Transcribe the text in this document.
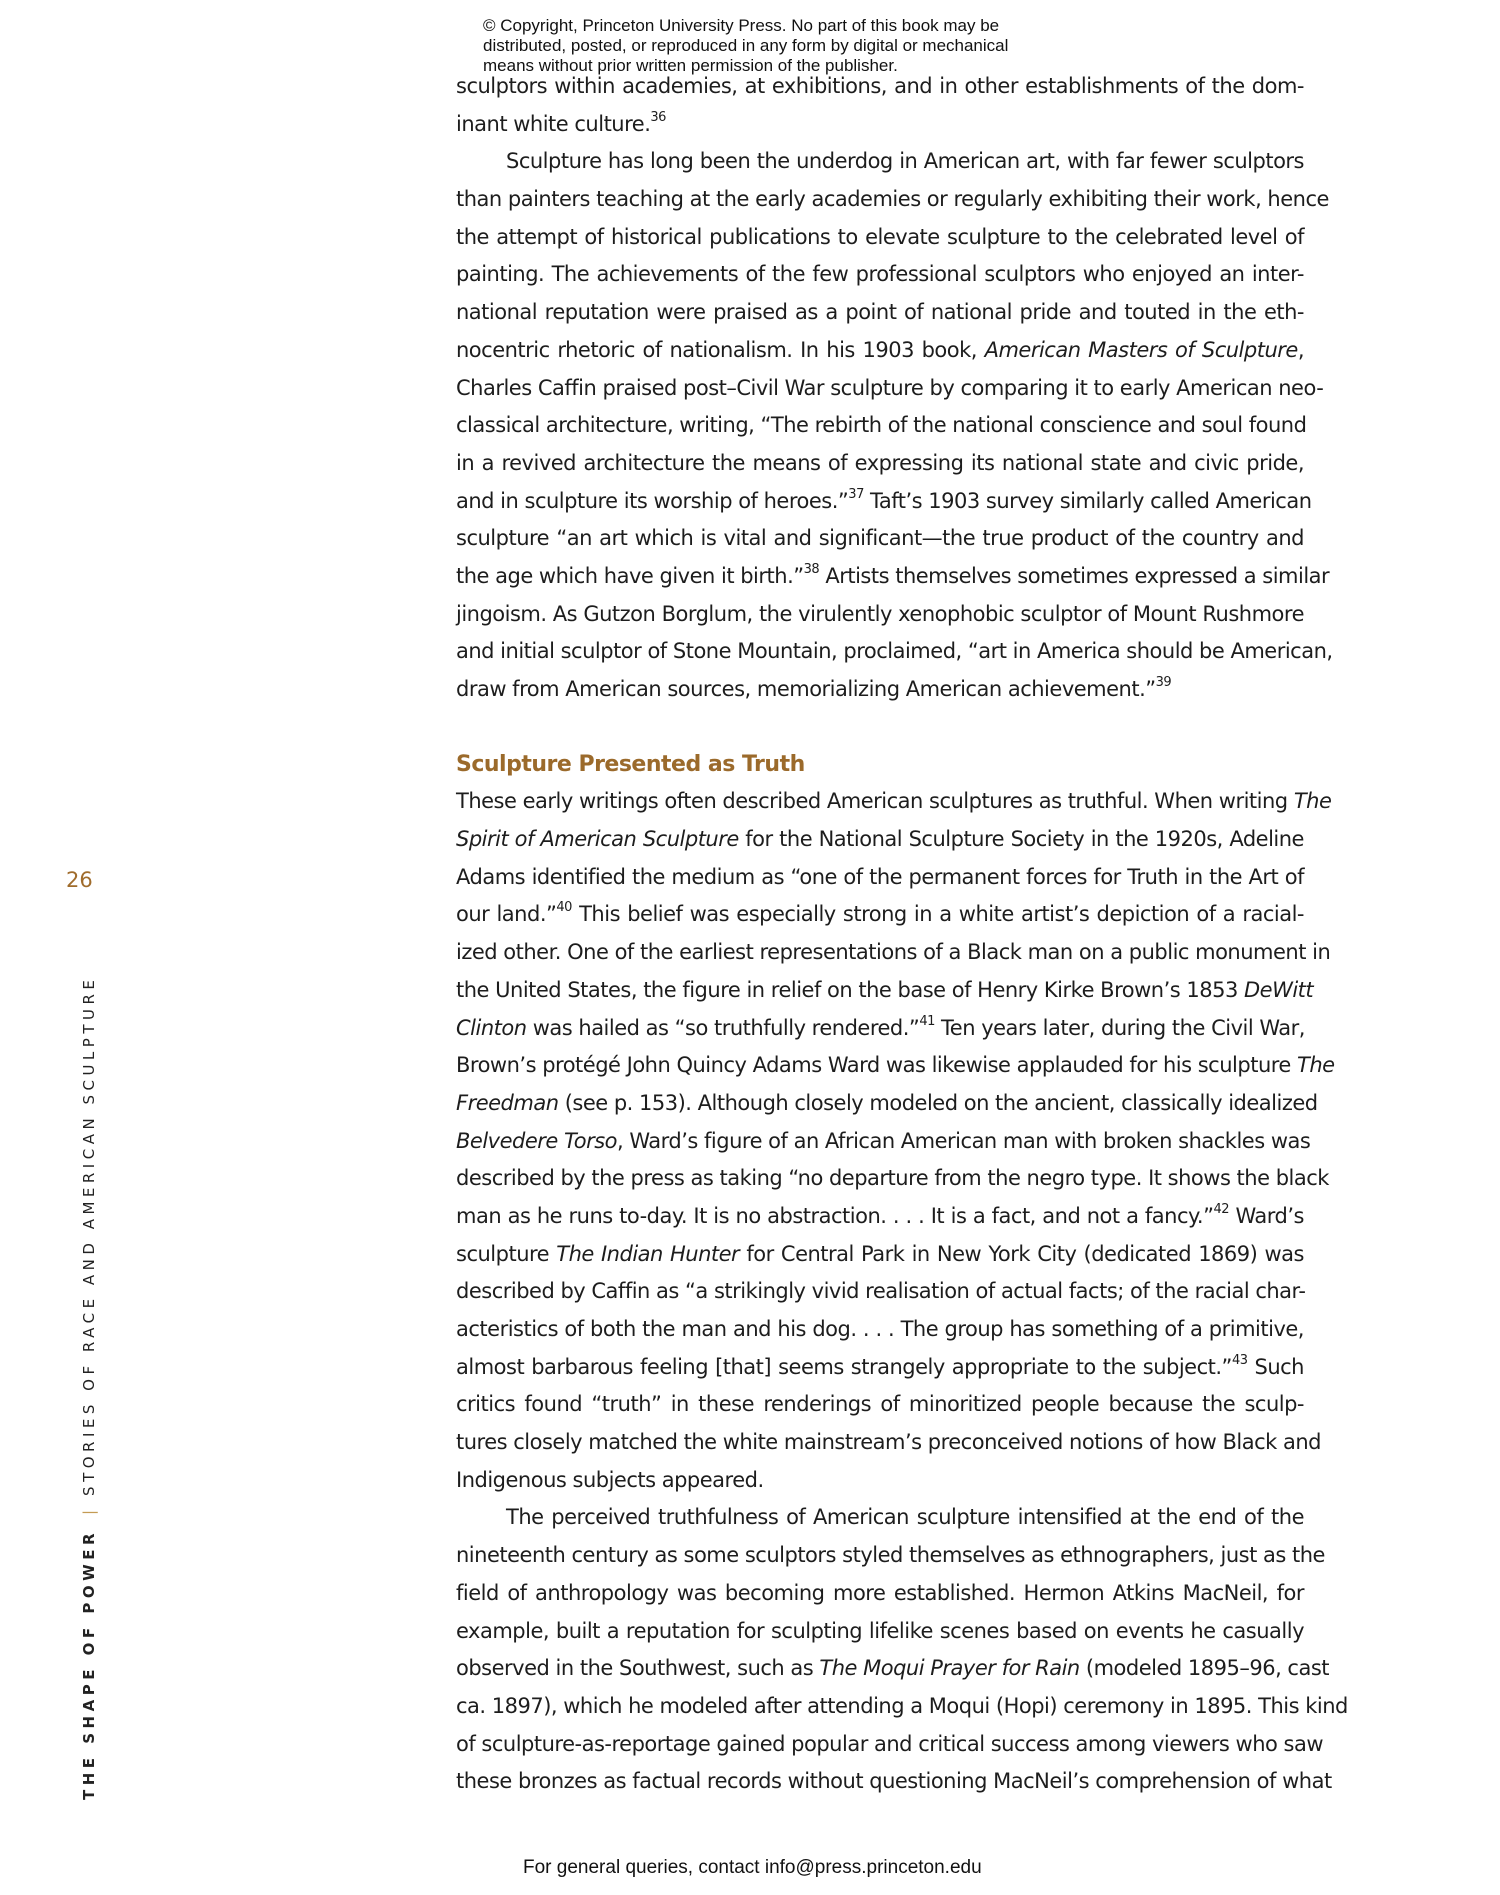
© Copyright, Princeton University Press. No part of this book may be
distributed, posted, or reproduced in any form by digital or mechanical
means without prior written permission of the publisher.
sculptors within academies, at exhibitions, and in other establishments of the dom-
inant white culture.$^{36}$
Sculpture has long been the underdog in American art, with far fewer sculptors
than painters teaching at the early academies or regularly exhibiting their work, hence
the attempt of historical publications to elevate sculpture to the celebrated level of
painting. The achievements of the few professional sculptors who enjoyed an inter-
national reputation were praised as a point of national pride and touted in the eth-
nocentric rhetoric of nationalism. In his 1903 book, American Masters of Sculpture,
Charles Caffin praised post–Civil War sculpture by comparing it to early American neo-
classical architecture, writing, “The rebirth of the national conscience and soul found
in a revived architecture the means of expressing its national state and civic pride,
and in sculpture its worship of heroes.”$^{37}$ Taft’s 1903 survey similarly called American
sculpture “an art which is vital and significant—the true product of the country and
the age which have given it birth.”$^{38}$ Artists themselves sometimes expressed a similar
jingoism. As Gutzon Borglum, the virulently xenophobic sculptor of Mount Rushmore
and initial sculptor of Stone Mountain, proclaimed, “art in America should be American,
draw from American sources, memorializing American achievement.”$^{39}$
Sculpture Presented as Truth
These early writings often described American sculptures as truthful. When writing The
Spirit of American Sculpture for the National Sculpture Society in the 1920s, Adeline
Adams identified the medium as “one of the permanent forces for Truth in the Art of
our land.”$^{40}$ This belief was especially strong in a white artist’s depiction of a racial-
ized other. One of the earliest representations of a Black man on a public monument in
the United States, the figure in relief on the base of Henry Kirke Brown’s 1853 DeWitt
Clinton was hailed as “so truthfully rendered.”$^{41}$ Ten years later, during the Civil War,
Brown’s protégé John Quincy Adams Ward was likewise applauded for his sculpture The
Freedman (see p. 153). Although closely modeled on the ancient, classically idealized
Belvedere Torso, Ward’s figure of an African American man with broken shackles was
described by the press as taking “no departure from the negro type. It shows the black
man as he runs to-day. It is no abstraction. . . . It is a fact, and not a fancy.”$^{42}$ Ward’s
sculpture The Indian Hunter for Central Park in New York City (dedicated 1869) was
described by Caffin as “a strikingly vivid realisation of actual facts; of the racial char-
acteristics of both the man and his dog. . . . The group has something of a primitive,
almost barbarous feeling [that] seems strangely appropriate to the subject.”$^{43}$ Such
critics found “truth” in these renderings of minoritized people because the sculp-
tures closely matched the white mainstream’s preconceived notions of how Black and
Indigenous subjects appeared.
The perceived truthfulness of American sculpture intensified at the end of the
nineteenth century as some sculptors styled themselves as ethnographers, just as the
field of anthropology was becoming more established. Hermon Atkins MacNeil, for
example, built a reputation for sculpting lifelike scenes based on events he casually
observed in the Southwest, such as The Moqui Prayer for Rain (modeled 1895–96, cast
ca. 1897), which he modeled after attending a Moqui (Hopi) ceremony in 1895. This kind
of sculpture-as-reportage gained popular and critical success among viewers who saw
these bronzes as factual records without questioning MacNeil’s comprehension of what
26
THE SHAPE OF POWER|STORIES OF RACE AND AMERICAN SCULPTURE
For general queries, contact info@press.princeton.edu
